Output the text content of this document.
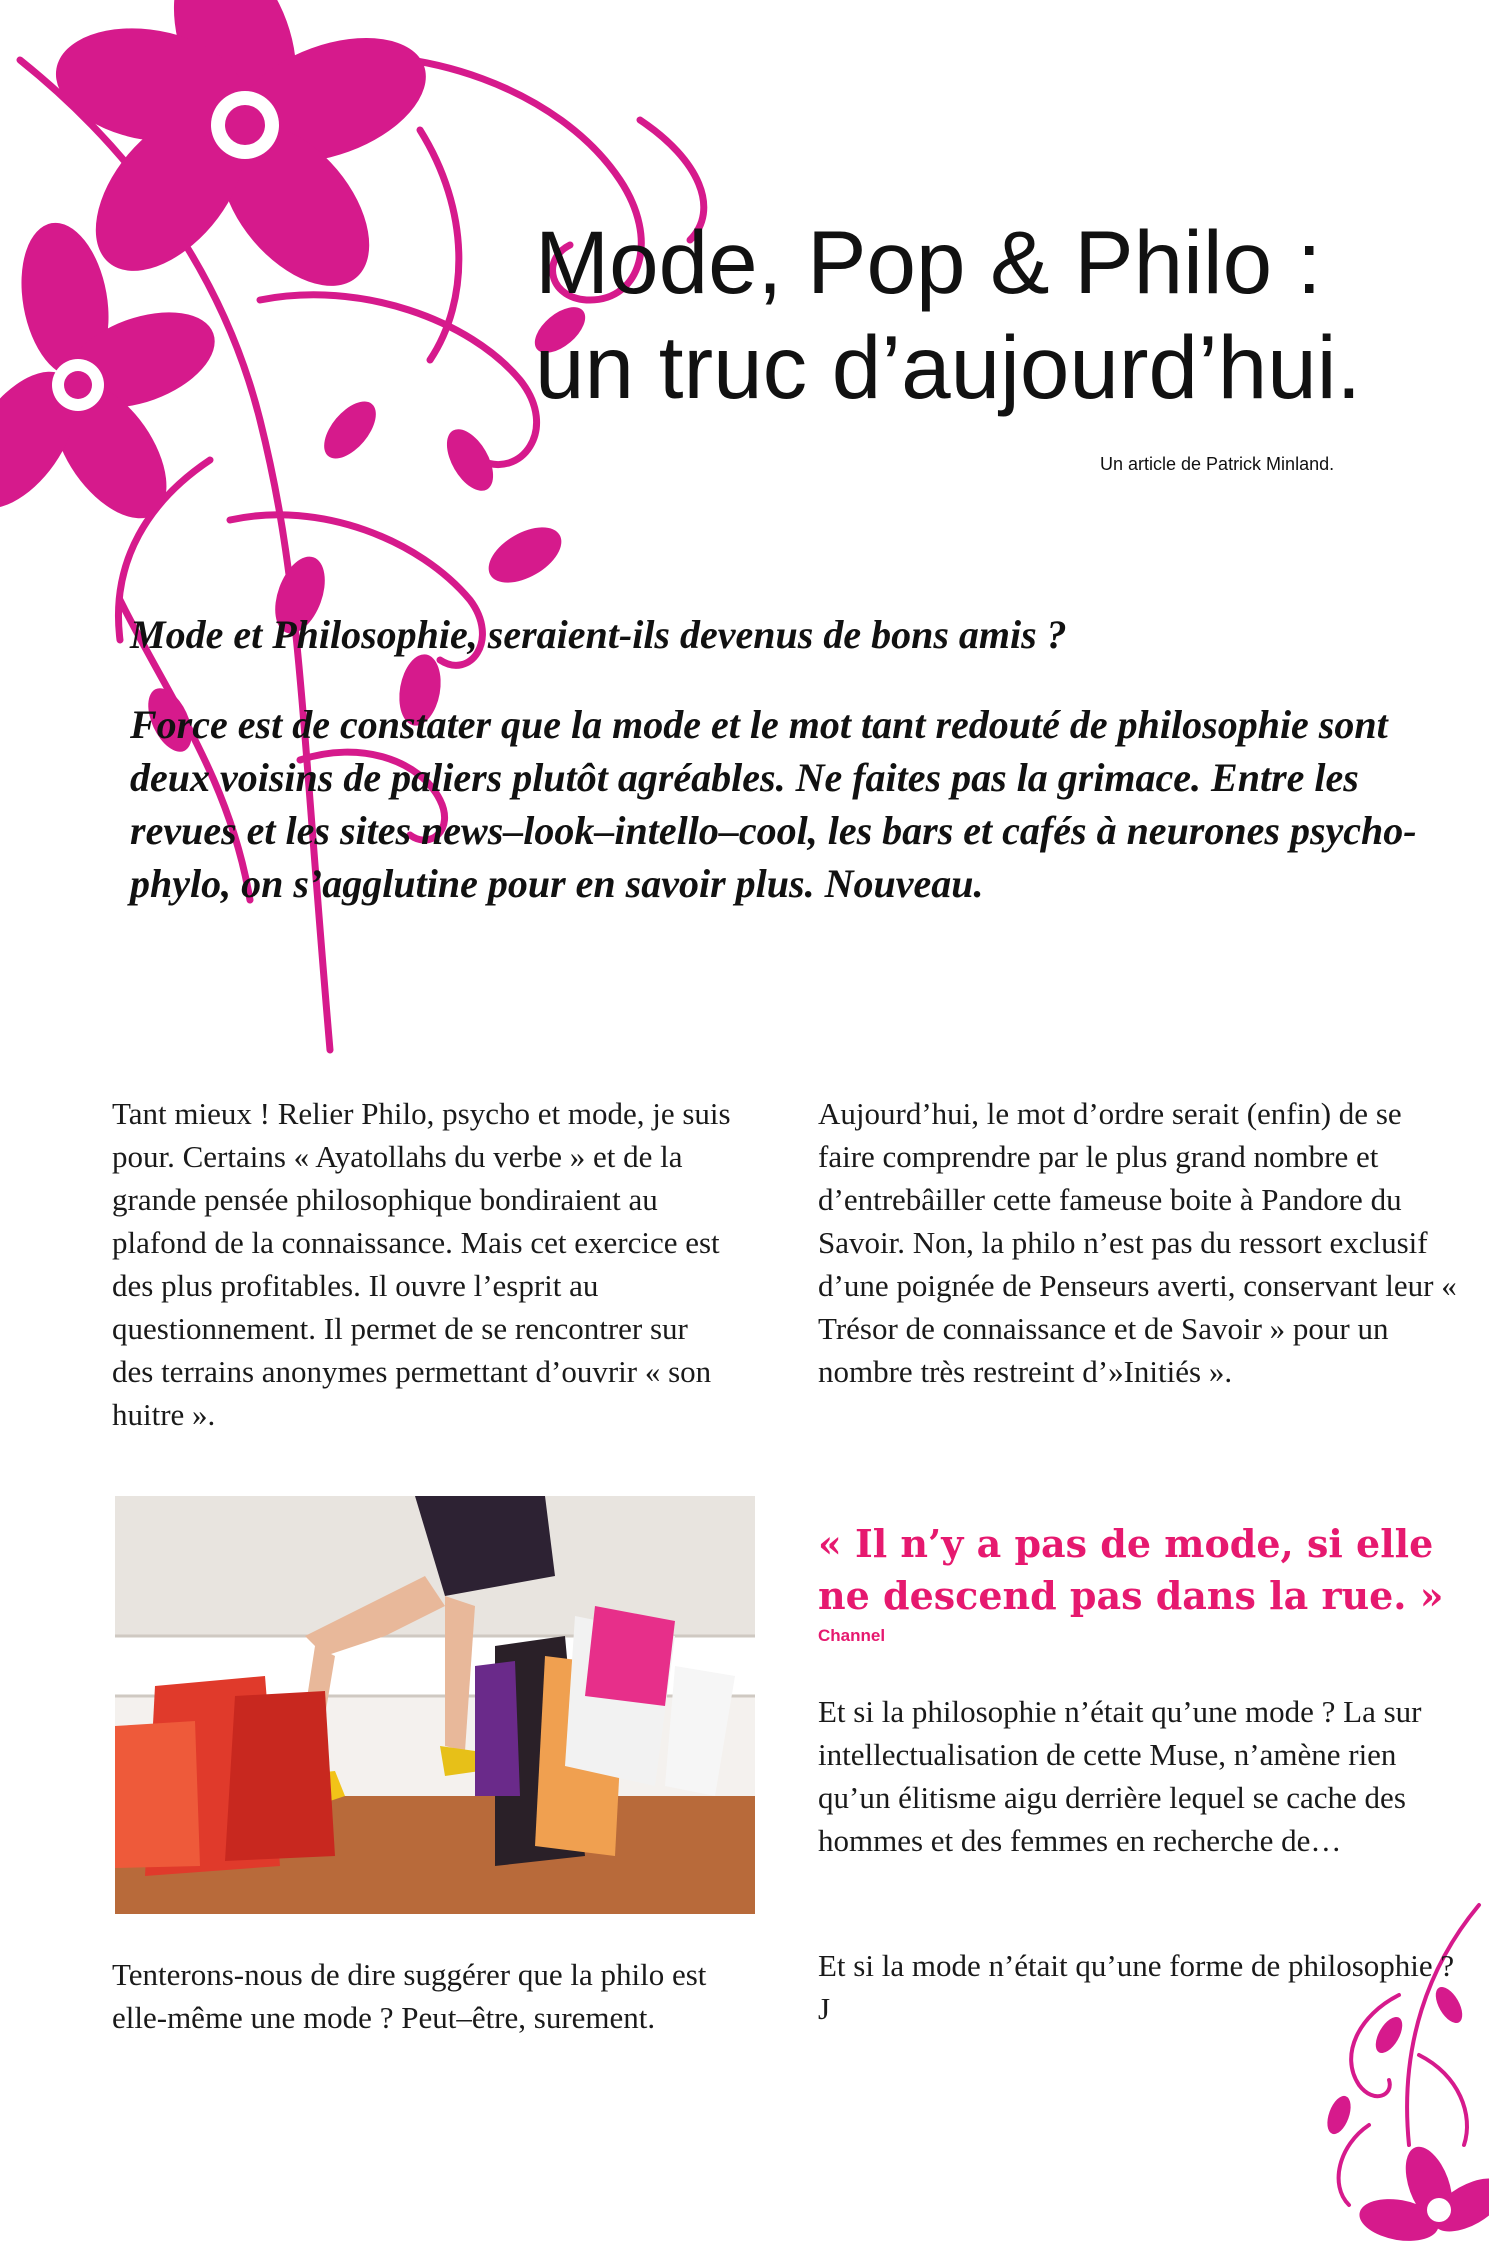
Mode, Pop & Philo :
un truc d’aujourd’hui.
Un article de Patrick Minland.

Mode et Philosophie, seraient-ils devenus de bons amis ?

Force est de constater que la mode et le mot tant redouté de philosophie sont deux voisins de paliers plutôt agréables. Ne faites pas la grimace. Entre les revues et les sites news–look–intello–cool, les bars et cafés à neurones psycho-phylo, on s’agglutine pour en savoir plus. Nouveau.

Tant mieux ! Relier Philo, psycho et mode, je suis pour. Certains « Ayatollahs du verbe » et de la grande pensée philosophique bondiraient au plafond de la connaissance. Mais cet exercice est des plus profitables. Il ouvre l’esprit au questionnement. Il permet de se rencontrer sur des terrains anonymes permettant d’ouvrir « son huitre ».

Tenterons-nous de dire suggérer que la philo est elle-même une mode ? Peut–être, surement.

Aujourd’hui, le mot d’ordre serait (enfin) de se faire comprendre par le plus grand nombre et d’entrebâiller cette fameuse boite à Pandore du Savoir. Non, la philo n’est pas du ressort exclusif d’une poignée de Penseurs averti, conservant leur « Trésor de connaissance et de Savoir » pour un nombre très restreint d’»Initiés ».

« Il n’y a pas de mode, si elle ne descend pas dans la rue. »

Channel

Et si la philosophie n’était qu’une mode ? La sur intellectualisation de cette Muse, n’amène rien qu’un élitisme aigu derrière lequel se cache des hommes et des femmes en recherche de…

Et si la mode n’était qu’une forme de philosophie ? J
